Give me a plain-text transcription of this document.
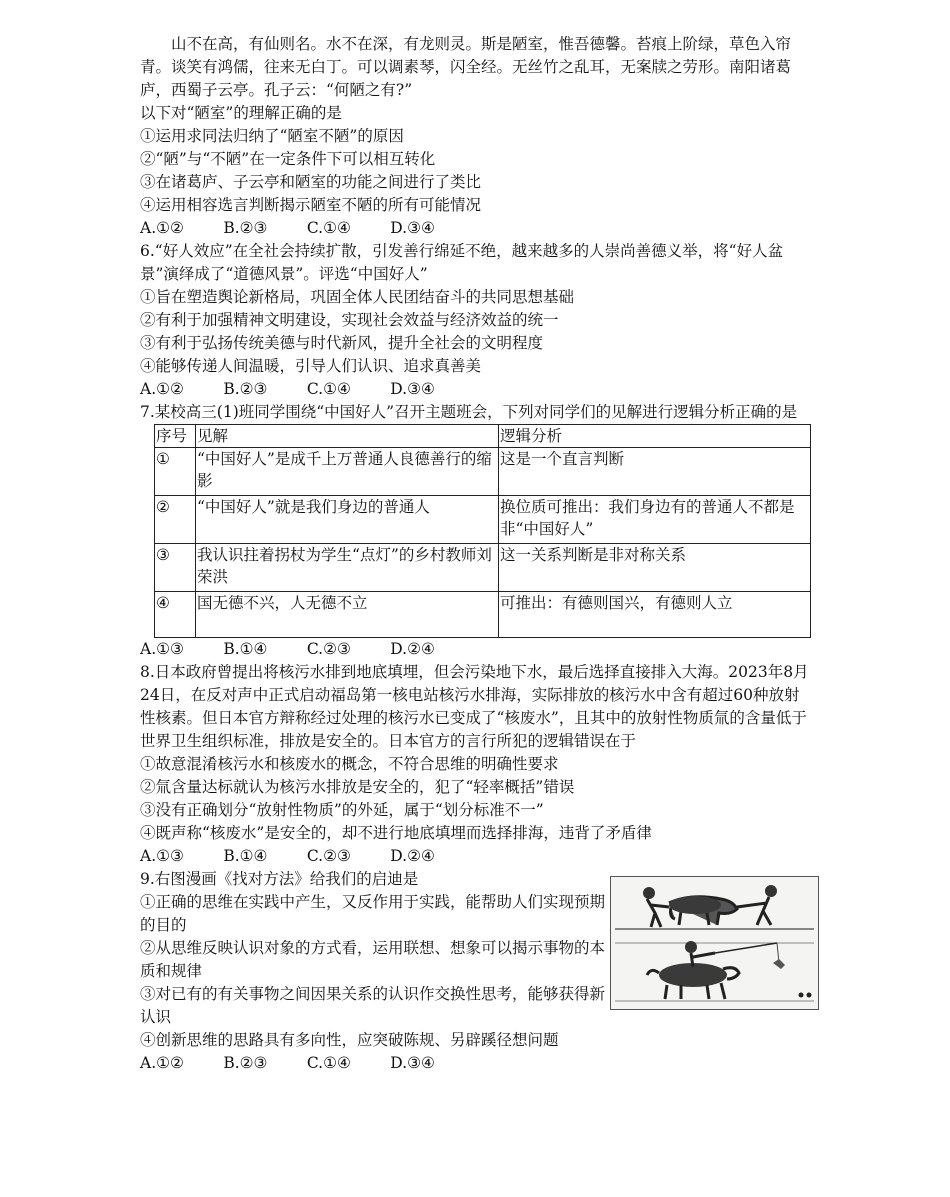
山不在高，有仙则名。水不在深，有龙则灵。斯是陋室，惟吾德馨。苔痕上阶绿，草色入帘青。谈笑有鸿儒，往来无白丁。可以调素琴，闪全经。无丝竹之乱耳，无案牍之劳形。南阳诸葛庐，西蜀子云亭。孔子云：“何陋之有?”

以下对“陋室”的理解正确的是

①运用求同法归纳了“陋室不陋”的原因

②“陋”与“不陋”在一定条件下可以相互转化

③在诸葛庐、子云亭和陋室的功能之间进行了类比

④运用相容选言判断揭示陋室不陋的所有可能情况

A.①②        B.②③        C.①④        D.③④

6.“好人效应”在全社会持续扩散，引发善行绵延不绝，越来越多的人崇尚善德义举，将“好人盆景”演绎成了“道德风景”。评选“中国好人”

①旨在塑造舆论新格局，巩固全体人民团结奋斗的共同思想基础

②有利于加强精神文明建设，实现社会效益与经济效益的统一

③有利于弘扬传统美德与时代新风，提升全社会的文明程度

④能够传递人间温暖，引导人们认识、追求真善美

A.①②        B.②③        C.①④        D.③④

7.某校高三(1)班同学围绕“中国好人”召开主题班会，下列对同学们的见解进行逻辑分析正确的是

序号	见解	逻辑分析
①	“中国好人”是成千上万普通人良德善行的缩影	这是一个直言判断
②	“中国好人”就是我们身边的普通人	换位质可推出：我们身边有的普通人不都是非“中国好人”
③	我认识拄着拐杖为学生“点灯”的乡村教师刘荣洪	这一关系判断是非对称关系
④	国无德不兴，人无德不立	可推出：有德则国兴，有德则人立

A.①③        B.①④        C.②③        D.②④

8.日本政府曾提出将核污水排到地底填埋，但会污染地下水，最后选择直接排入大海。2023年8月24日，在反对声中正式启动福岛第一核电站核污水排海，实际排放的核污水中含有超过60种放射性核素。但日本官方辩称经过处理的核污水已变成了“核废水”，且其中的放射性物质氚的含量低于世界卫生组织标准，排放是安全的。日本官方的言行所犯的逻辑错误在于

①故意混淆核污水和核废水的概念，不符合思维的明确性要求

②氚含量达标就认为核污水排放是安全的，犯了“轻率概括”错误

③没有正确划分“放射性物质”的外延，属于“划分标准不一”

④既声称“核废水”是安全的，却不进行地底填埋而选择排海，违背了矛盾律

A.①③        B.①④        C.②③        D.②④

9.右图漫画《找对方法》给我们的启迪是

①正确的思维在实践中产生，又反作用于实践，能帮助人们实现预期的目的

②从思维反映认识对象的方式看，运用联想、想象可以揭示事物的本质和规律

③对已有的有关事物之间因果关系的认识作交换性思考，能够获得新认识

④创新思维的思路具有多向性，应突破陈规、另辟蹊径想问题

A.①②        B.②③        C.①④        D.③④
